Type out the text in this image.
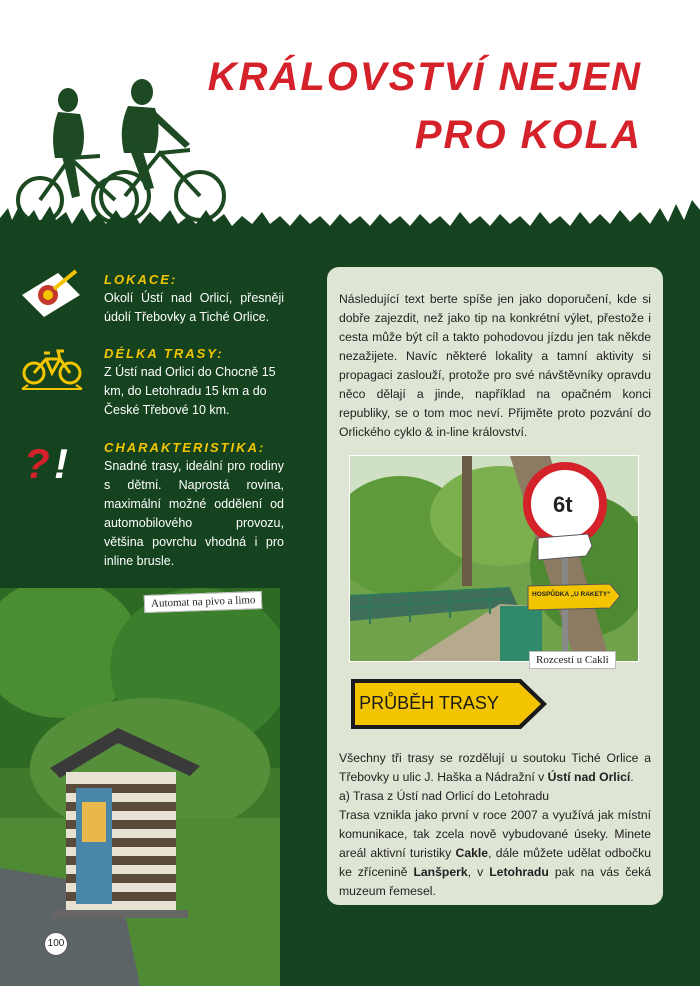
KRÁLOVSTVÍ NEJEN
PRO KOLA
? !
LOKACE:

Okolí Ústí nad Orlicí, přesněji údolí Třebovky a Tiché Orlice.

DÉLKA TRASY:

Z Ústí nad Orlicí do Chocně 15 km, do Letohradu 15 km a do České Třebové 10 km.

CHARAKTERISTIKA:

Snadné trasy, ideální pro rodiny s dětmi. Naprostá rovina, maximální možné oddělení od automobilového provozu, většina povrchu vhodná i pro inline brusle.

Automat na pivo a limo
100

Následující text berte spíše jen jako doporučení, kde si dobře zajezdit, než jako tip na konkrétní výlet, přestože i cesta může být cíl a takto pohodovou jízdu jen tak někde nezažijete. Navíc některé lokality a tamní aktivity si propagaci zaslouží, protože pro své návštěvníky opravdu něco dělají a jinde, například na opačném konci republiky, se o tom moc neví. Přijměte proto pozvání do Orlického cyklo & in-line království.

6t
HOSPŮDKA „U RAKETY“
Rozcestí u Cakli
PRŮBĚH TRASY

Všechny tři trasy se rozdělují u soutoku Tiché Orlice a Třebovky u ulic J. Haška a Nádražní v Ústí nad Orlicí.

a) Trasa z Ústí nad Orlicí do Letohradu

Trasa vznikla jako první v roce 2007 a využívá jak místní komunikace, tak zcela nově vybudované úseky. Minete areál aktivní turistiky Cakle, dále můžete udělat odbočku ke zřícenině Lanšperk, v Letohradu pak na vás čeká muzeum řemesel.
